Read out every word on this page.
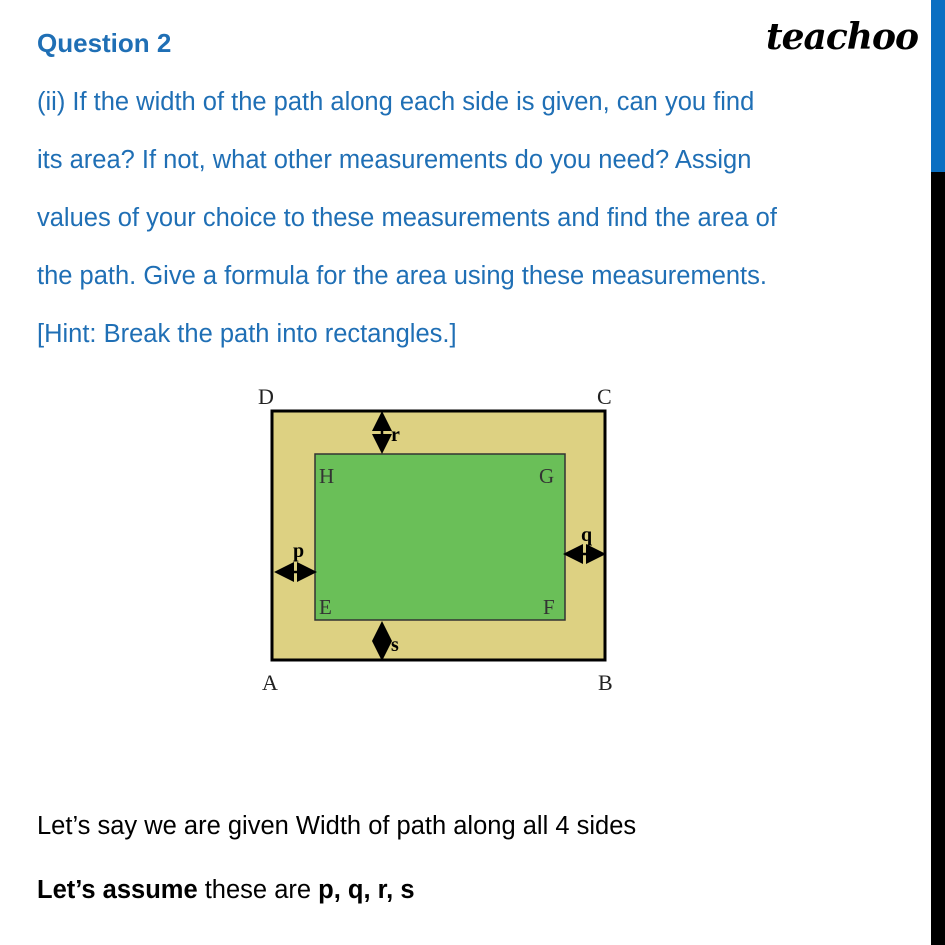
Question 2	teachoo
(ii) If the width of the path along each side is given, can you find
its area? If not, what other measurements do you need? Assign
values of your choice to these measurements and find the area of
the path. Give a formula for the area using these measurements.
[Hint: Break the path into rectangles.]
D	C
A	B
H	G
E	F
r
s
p
q
Let’s say we are given Width of path along all 4 sides
Let’s assume these are p, q, r, s
